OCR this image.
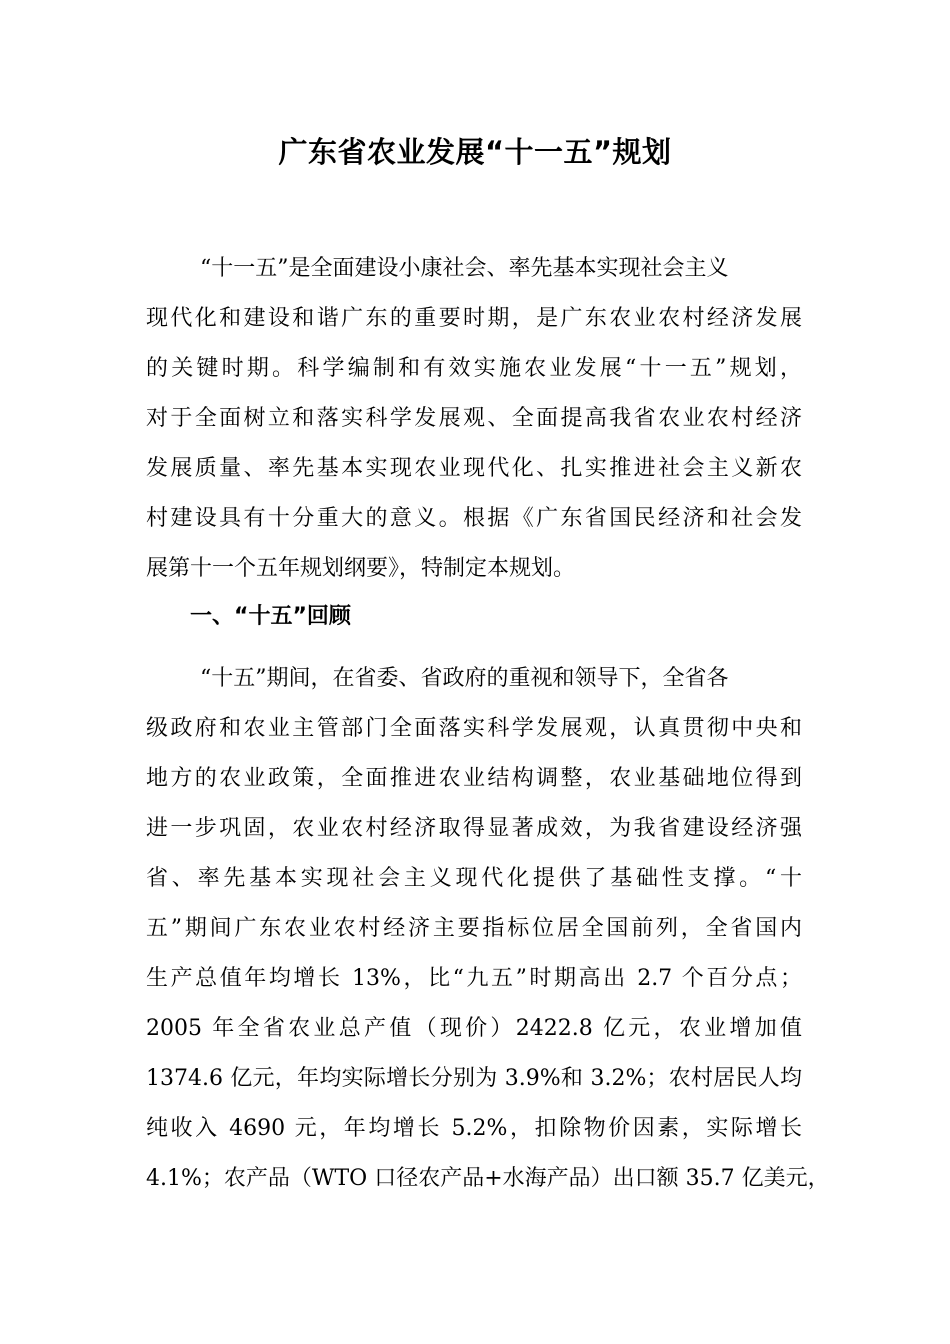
广东省农业发展“十一五”规划
“十一五”是全面建设小康社会、率先基本实现社会主义
现代化和建设和谐广东的重要时期，是广东农业农村经济发展
的关键时期。科学编制和有效实施农业发展“十一五”规划，
对于全面树立和落实科学发展观、全面提高我省农业农村经济
发展质量、率先基本实现农业现代化、扎实推进社会主义新农
村建设具有十分重大的意义。根据《广东省国民经济和社会发
展第十一个五年规划纲要》，特制定本规划。
一、“十五”回顾
“十五”期间，在省委、省政府的重视和领导下，全省各
级政府和农业主管部门全面落实科学发展观，认真贯彻中央和
地方的农业政策，全面推进农业结构调整，农业基础地位得到
进一步巩固，农业农村经济取得显著成效，为我省建设经济强
省、率先基本实现社会主义现代化提供了基础性支撑。“十
五”期间广东农业农村经济主要指标位居全国前列，全省国内
生产总值年均增长 13%，比“九五”时期高出 2.7 个百分点；
2005 年全省农业总产值（现价）2422.8 亿元，农业增加值
1374.6 亿元，年均实际增长分别为 3.9%和 3.2%；农村居民人均
纯收入 4690 元，年均增长 5.2%，扣除物价因素，实际增长
4.1%；农产品（WTO 口径农产品+水海产品）出口额 35.7 亿美元，
